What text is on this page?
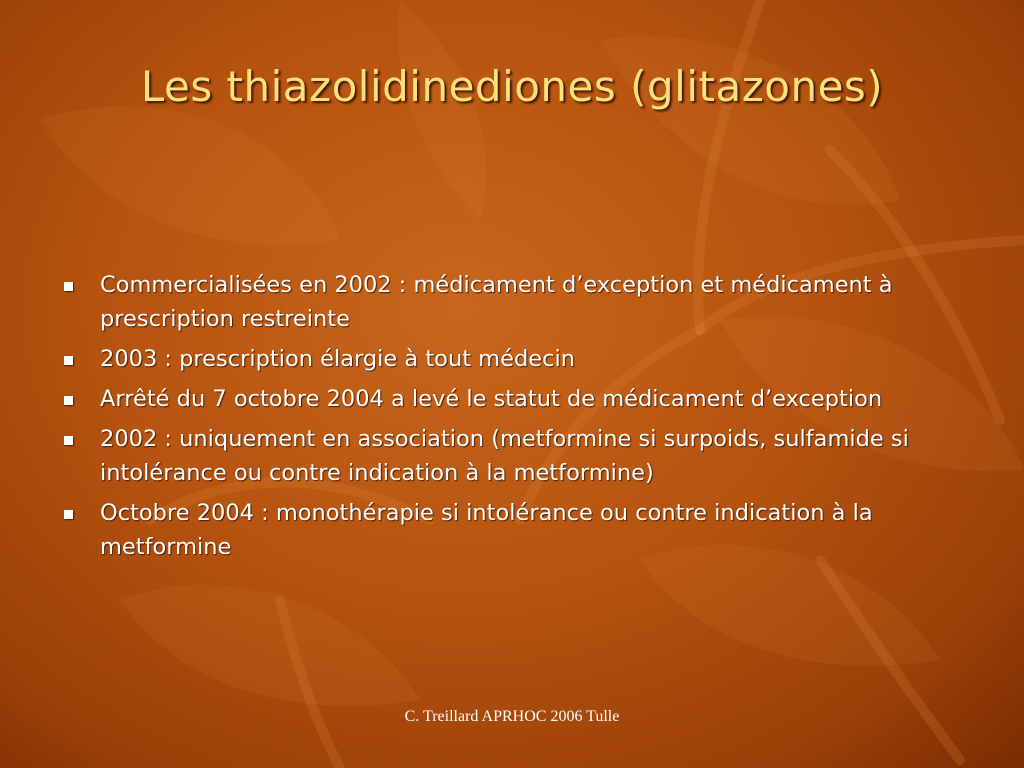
Les thiazolidinediones (glitazones)
Commercialisées en 2002 : médicament d’exception et médicament à prescription restreinte
2003 : prescription élargie à tout médecin
Arrêté du 7 octobre 2004 a levé le statut de médicament d’exception
2002 : uniquement en association (metformine si surpoids, sulfamide si intolérance ou contre indication à la metformine)
Octobre 2004 : monothérapie si intolérance ou contre indication à la metformine
C. Treillard APRHOC 2006 Tulle
